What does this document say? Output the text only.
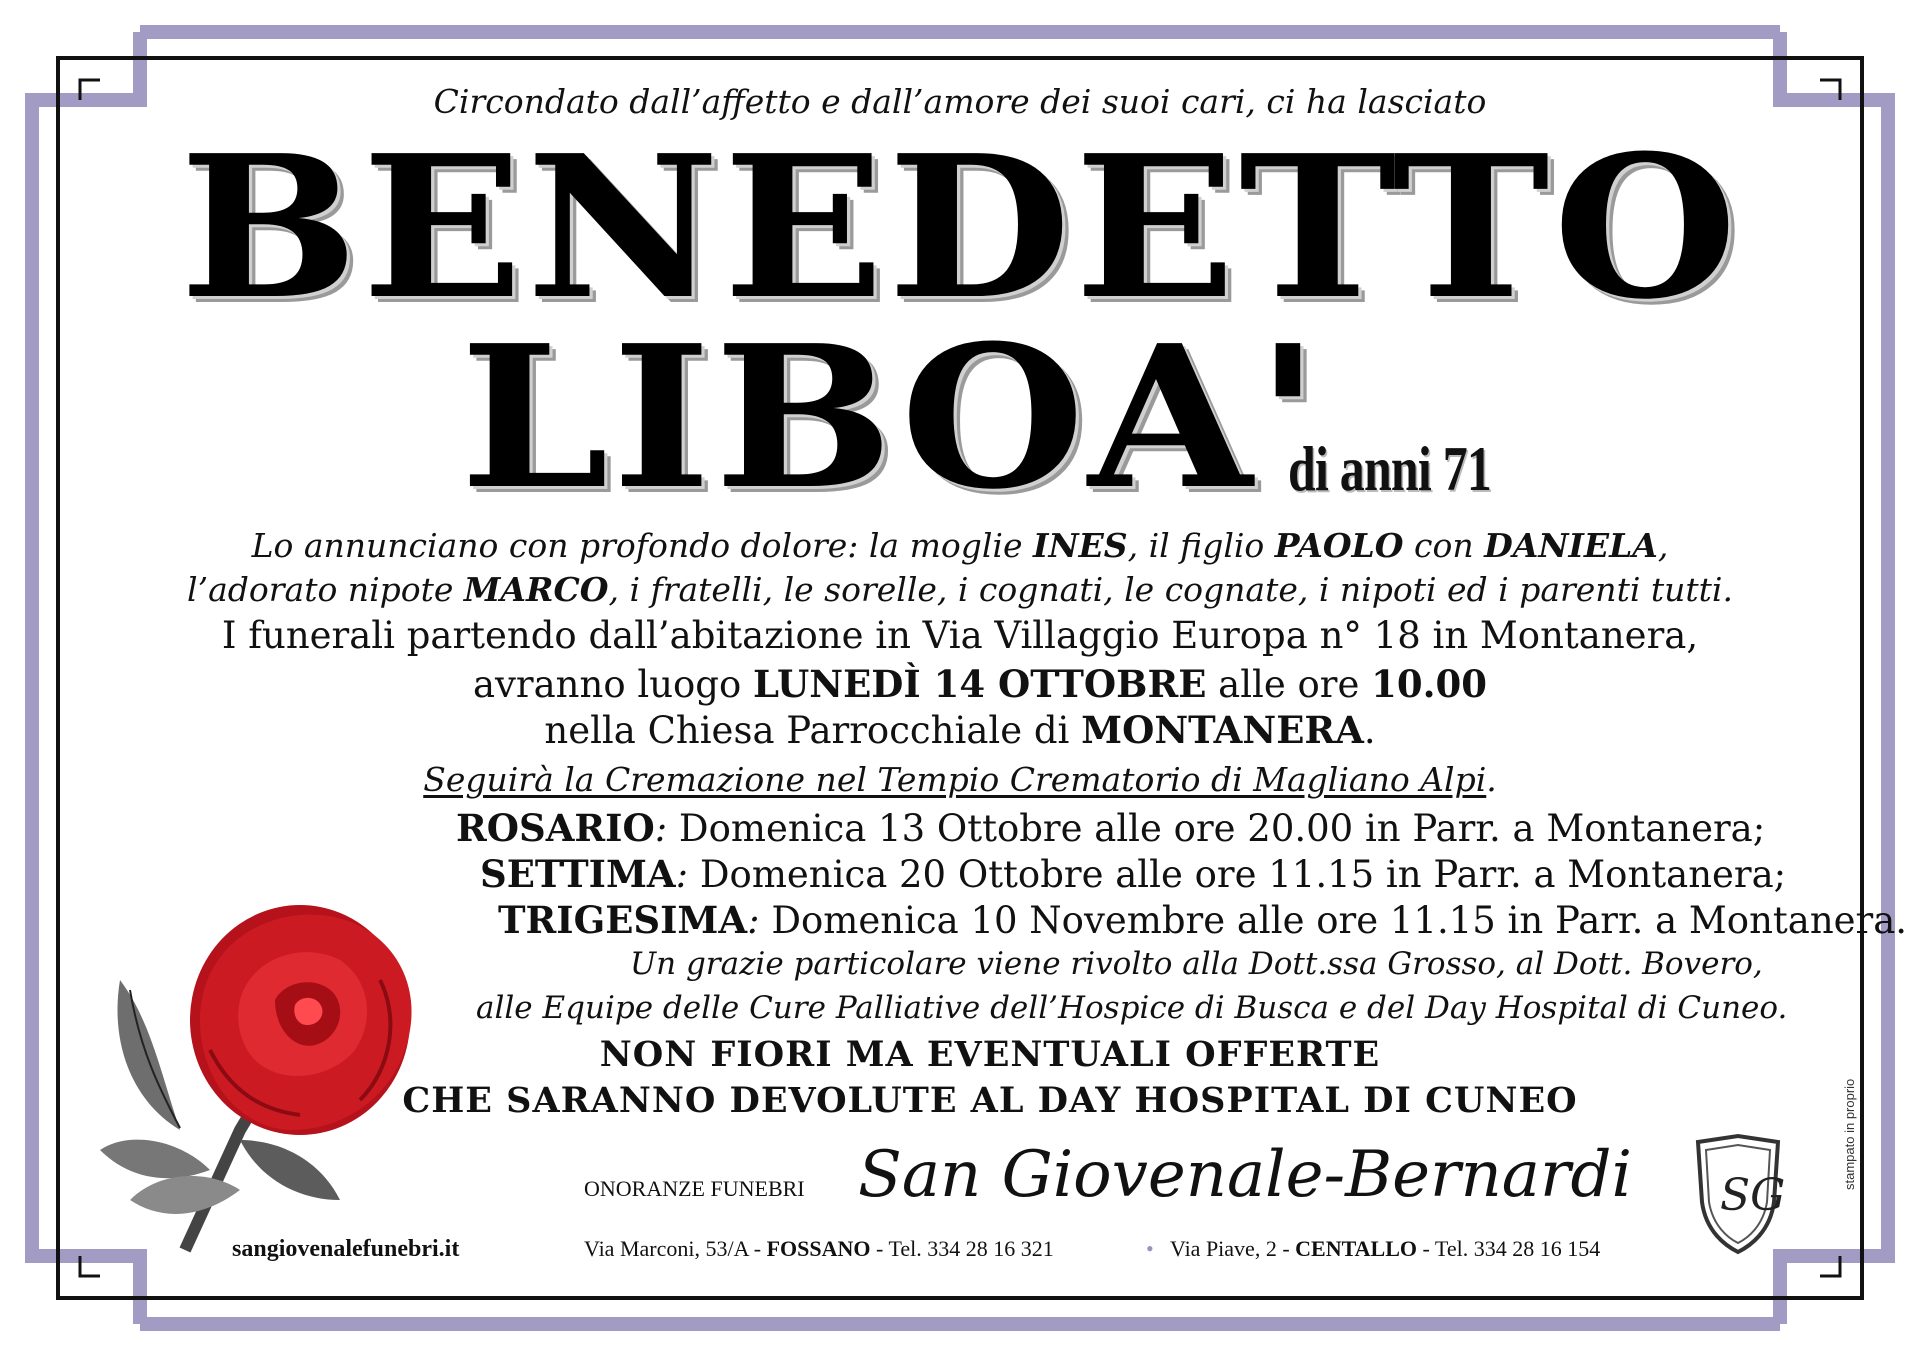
Circondato dall’affetto e dall’amore dei suoi cari, ci ha lasciato
BENEDETTO
LIBOA'
di anni 71
Lo annunciano con profondo dolore: la moglie INES, il figlio PAOLO con DANIELA,
l’adorato nipote MARCO, i fratelli, le sorelle, i cognati, le cognate, i nipoti ed i parenti tutti.
I funerali partendo dall’abitazione in Via Villaggio Europa n° 18 in Montanera,
avranno luogo LUNEDÌ 14 OTTOBRE alle ore 10.00
nella Chiesa Parrocchiale di MONTANERA.
Seguirà la Cremazione nel Tempio Crematorio di Magliano Alpi.
ROSARIO: Domenica 13 Ottobre alle ore 20.00 in Parr. a Montanera;
SETTIMA: Domenica 20 Ottobre alle ore 11.15 in Parr. a Montanera;
TRIGESIMA: Domenica 10 Novembre alle ore 11.15 in Parr. a Montanera.
Un grazie particolare viene rivolto alla Dott.ssa Grosso, al Dott. Bovero,
alle Equipe delle Cure Palliative dell’Hospice di Busca e del Day Hospital di Cuneo.
NON FIORI MA EVENTUALI OFFERTE
CHE SARANNO DEVOLUTE AL DAY HOSPITAL DI CUNEO
sangiovenalefunebri.it
ONORANZE FUNEBRI San Giovenale-Bernardi SG
Via Marconi, 53/A - FOSSANO - Tel. 334 28 16 321	• Via Piave, 2 - CENTALLO - Tel. 334 28 16 154
stampato in proprio
